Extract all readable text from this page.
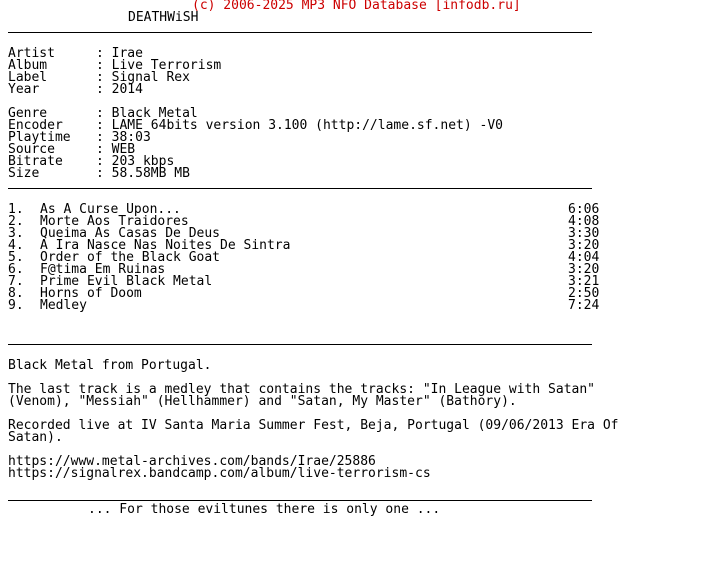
(c) 2006-2025 MP3 NFO Database [infodb.ru]
DEATHWiSH
Artist	: Irae
Album	: Live Terrorism
Label	: Signal Rex
Year	: 2014
Genre	: Black Metal
Encoder	: LAME 64bits version 3.100 (http://lame.sf.net) -V0
Playtime : 38:03
Source	: WEB
Bitrate	: 203 kbps
Size	: 58.58MB MB
1. As A Curse Upon...	6:06
2. Morte Aos Traidores	4:08
3. Queima As Casas De Deus	3:30
4. A Ira Nasce Nas Noites De Sintra	3:20
5. Order of the Black Goat	4:04
6. F@tima Em Ruinas	3:20
7. Prime Evil Black Metal	3:21
8. Horns of Doom	2:50
9. Medley	7:24
Black Metal from Portugal.
The last track is a medley that contains the tracks: "In League with Satan"
(Venom), "Messiah" (Hellhammer) and "Satan, My Master" (Bathory).
Recorded live at IV Santa Maria Summer Fest, Beja, Portugal (09/06/2013 Era Of
Satan).
https://www.metal-archives.com/bands/Irae/25886
https://signalrex.bandcamp.com/album/live-terrorism-cs
... For those eviltunes there is only one ...
